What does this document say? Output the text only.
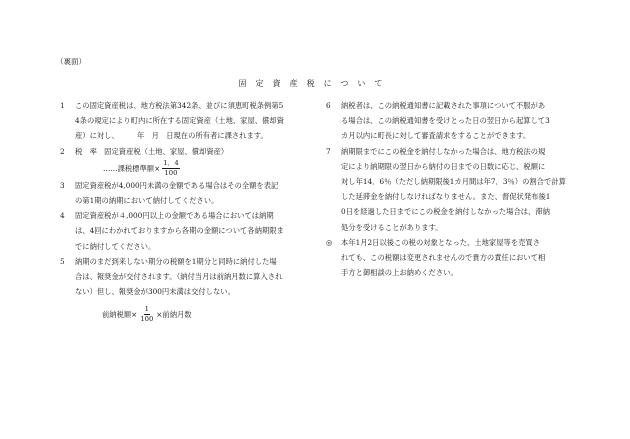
（裏面）
固定資産税について
1	この固定資産税は、地方税法第342条、並びに須恵町税条例第5
4条の規定により町内に所在する固定資産（土地、家屋、償却資
産）に対し、　　　年　月　日現在の所有者に課されます。
2	税　率　固定資産税（土地、家屋、償却資産）
……課税標準額× $\frac{1.4}{100}$
3	固定資産税が4,000円未満の金額である場合はその全額を表記
の第1期の納期において納付してください。
4	固定資産税が４,000円以上の金額である場合においては納期
は、4回にわかれておりますから各期の金額について各納期限ま
でに納付してください。
5	納期のまだ到来しない期分の税額を1期分と同時に納付した場
合は、報奨金が交付されます。（納付当月は前納月数に算入され
ない）但し、報奨金が300円未満は交付しない。
前納税額× $\frac{1}{100}$ ×前納月数
6	納税者は、この納税通知書に記載された事項について不服があ
る場合は、この納税通知書を受けとった日の翌日から起算して3
カ月以内に町長に対して審査請求をすることができます。
7	納期限までにこの税金を納付しなかった場合は、地方税法の規
定により納期限の翌日から納付の日までの日数に応じ、税額に
対し年14．6％（ただし納期限後1カ月間は年7．3％）の割合で計算
した延滞金を納付しなければなりません。また、督促状発布後1
0日を経過した日までにこの税金を納付しなかった場合は、滞納
処分を受けることがあります。
◎	本年1月2日以後この税の対象となった、土地家屋等を売買さ
れても、この税額は変更されませんので貴方の責任において相
手方と御相談の上お納めください。
